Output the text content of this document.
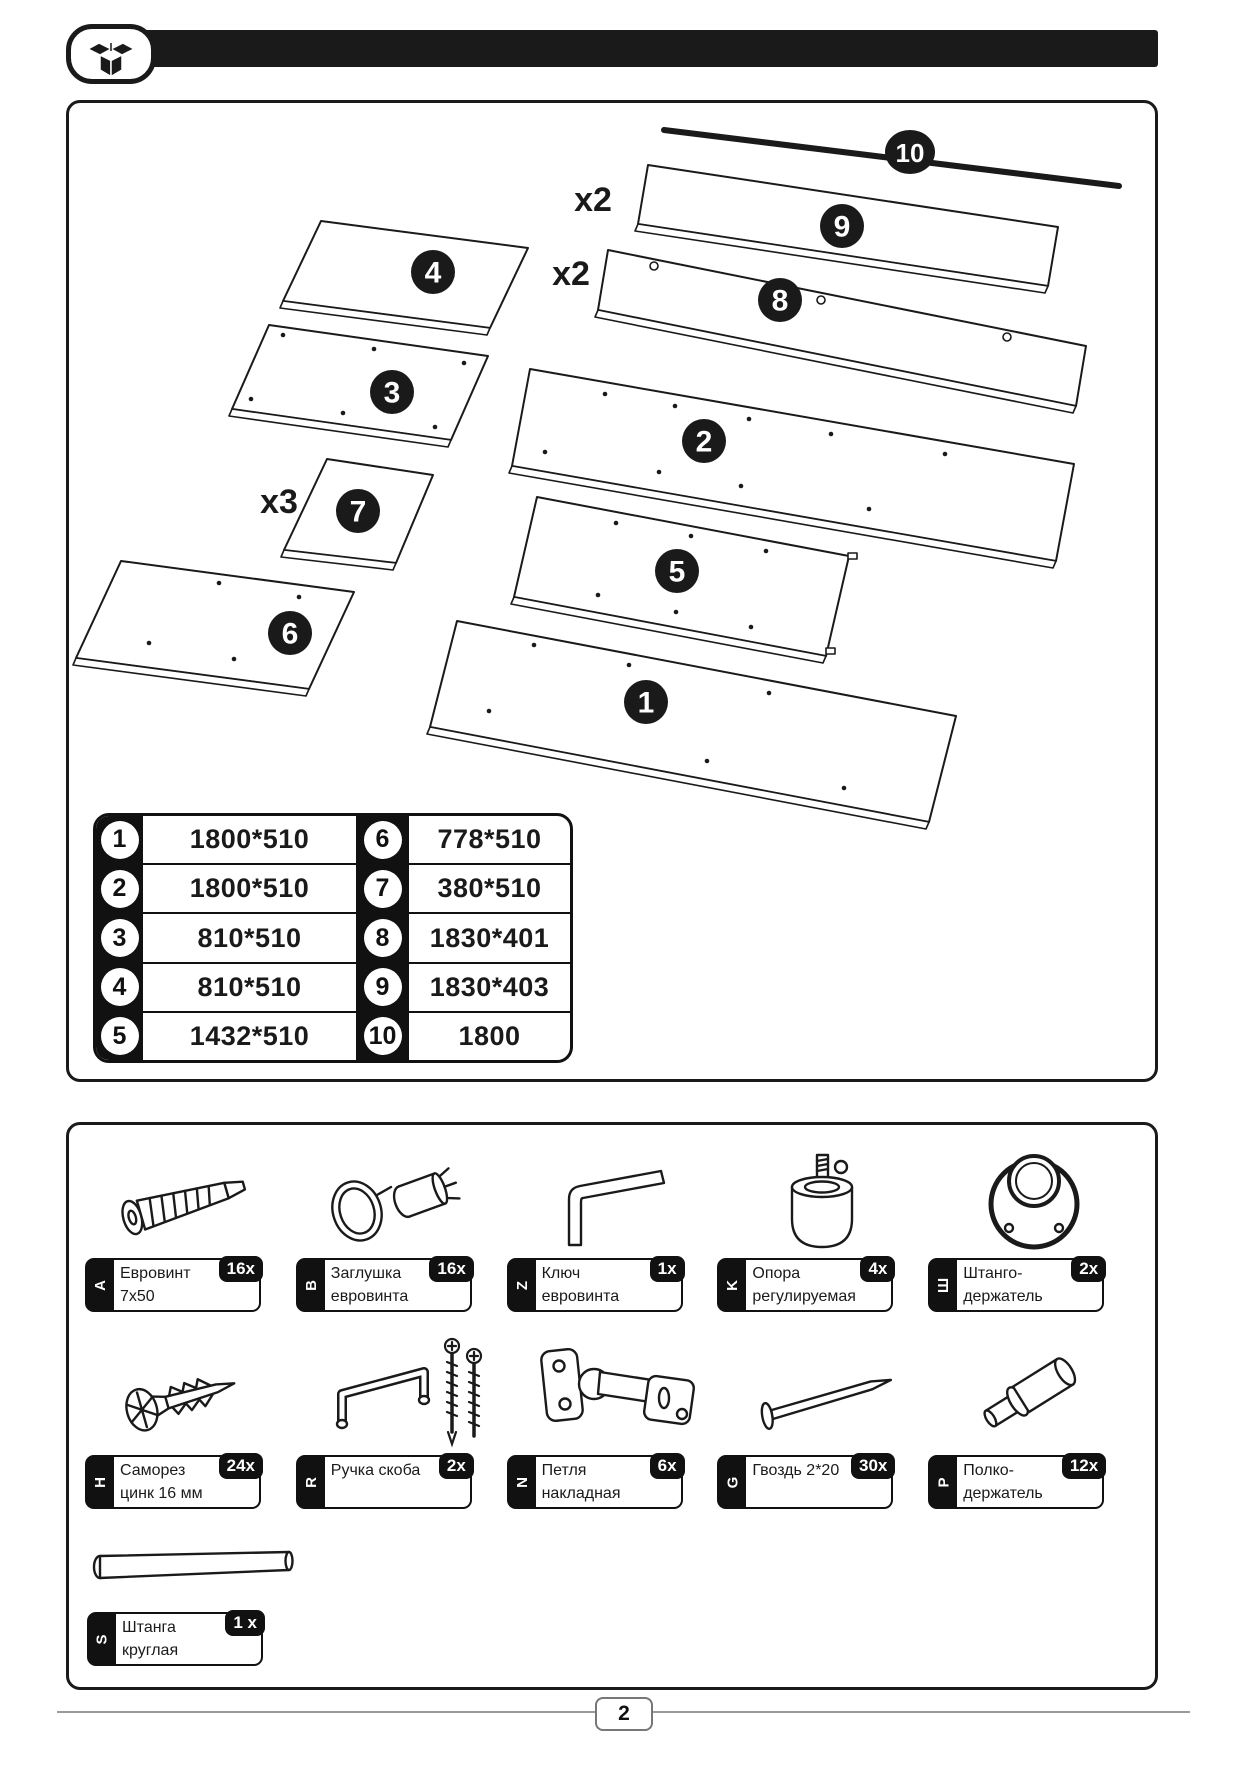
x2
x2
x3
10
9
8
4
3
7
6
2
5
1
1	1800*510	6	778*510
2	1800*510	7	380*510
3	810*510	8	1830*401
4	810*510	9	1830*403
5	1432*510	10	1800
A
Евровинт
7х50
16x
B
Заглушка
евровинта
16x
Z
Ключ
евровинта
1x
K
Опора
регулируемая
4x
Ш
Штанго-
держатель
2x
H
Саморез
цинк 16 мм
24x
R
Ручка скоба	2x
N
Петля
накладная
6x
G
Гвоздь 2*20	30x
P
Полко-
держатель
12x
S
Штанга
круглая
1 x
2
